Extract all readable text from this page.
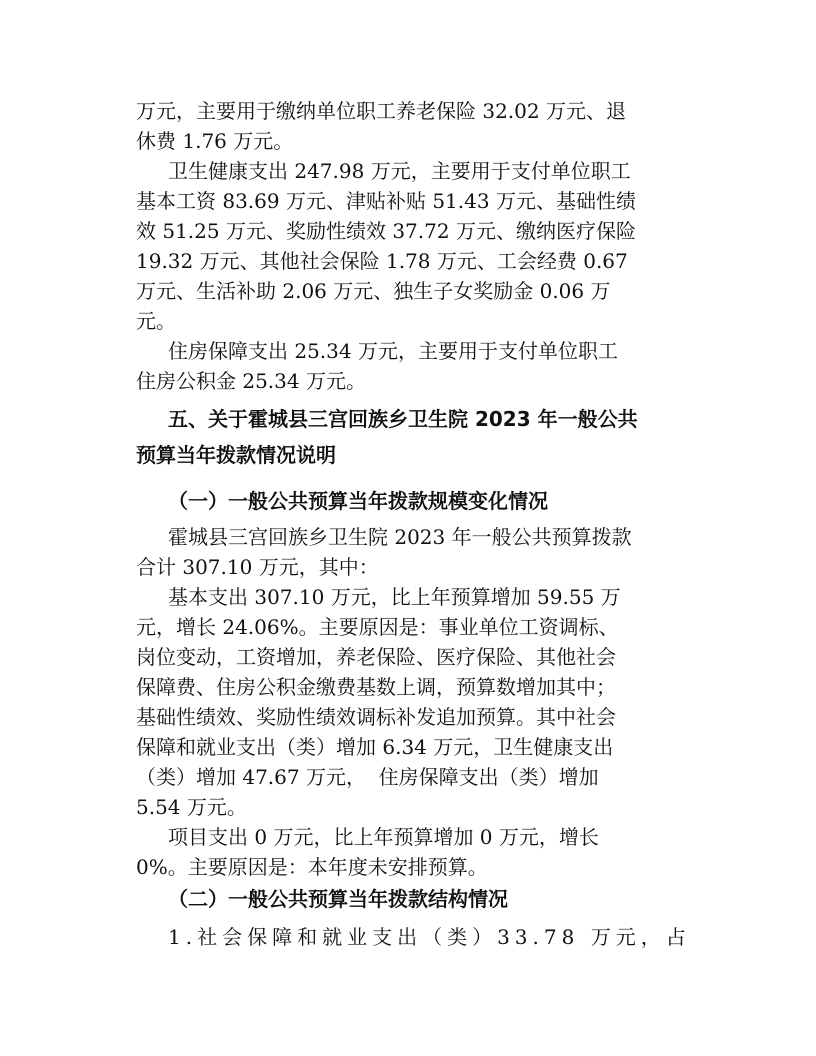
万元，主要用于缴纳单位职工养老保险 32.02 万元、退
休费 1.76 万元。
卫生健康支出 247.98 万元，主要用于支付单位职工
基本工资 83.69 万元、津贴补贴 51.43 万元、基础性绩
效 51.25 万元、奖励性绩效 37.72 万元、缴纳医疗保险
19.32 万元、其他社会保险 1.78 万元、工会经费 0.67
万元、生活补助 2.06 万元、独生子女奖励金 0.06 万
元。
住房保障支出 25.34 万元，主要用于支付单位职工
住房公积金 25.34 万元。
五、关于霍城县三宫回族乡卫生院 2023 年一般公共
预算当年拨款情况说明
（一）一般公共预算当年拨款规模变化情况
霍城县三宫回族乡卫生院 2023 年一般公共预算拨款
合计 307.10 万元，其中：
基本支出 307.10 万元，比上年预算增加 59.55 万
元，增长 24.06%。主要原因是：事业单位工资调标、
岗位变动，工资增加，养老保险、医疗保险、其他社会
保障费、住房公积金缴费基数上调，预算数增加其中；
基础性绩效、奖励性绩效调标补发追加预算。其中社会
保障和就业支出（类）增加 6.34 万元，卫生健康支出
（类）增加 47.67 万元，  住房保障支出（类）增加
5.54 万元。
项目支出 0 万元，比上年预算增加 0 万元，增长
0%。主要原因是：本年度未安排预算。
（二）一般公共预算当年拨款结构情况
1.社会保障和就业支出（类）33.78 万元，占
